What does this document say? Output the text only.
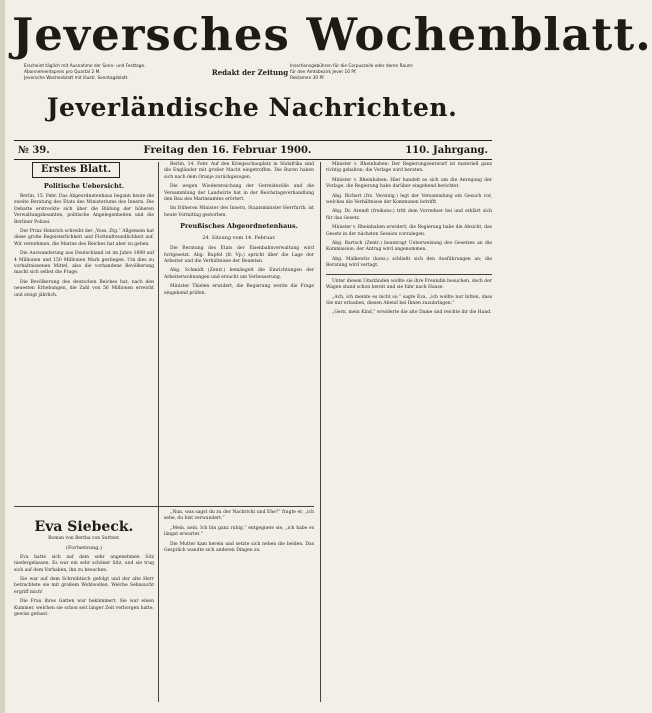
Jeversches Wochenblatt.
Erscheint täglich mit Ausnahme der Sonn- und Festtage.
Abonnementspreis pro Quartal 2 M.
Jeversche Wochenblatt mit illustr. Sonntagsblatt.
Redakt der Zeitung
Insertionsgebühren für die Corpuszeile oder deren Raum:
für den Amtsbezirk Jever 10 Pf.
Reklamen 30 Pf.
Jeverländische Nachrichten.
№ 39.	Freitag den 16. Februar 1900.	110. Jahrgang.
Erstes Blatt.
Politische Uebersicht.

Berlin, 15. Febr. Das Abgeordnetenhaus begann heute die zweite Beratung des Etats des Ministeriums des Innern. Die Debatte erstreckte sich über die Bildung der höheren Verwaltungsbeamten, politische Angelegenheiten und die Berliner Polizei.

Der Prinz Heinrich schreibt der „Voss. Ztg.“ Allgemein hat diese große Begeisterlichkeit und Flottenfreundlichkeit auf. Wir vernehmen, die Marine des Reiches hat aber zu geben.

Die Auswanderung aus Deutschland ist im Jahre 1899 auf 4 Millionen und 150 Millionen Mark gestiegen. Um dies zu vorhaltnissenen Mittel, also die vorhandene Bevölkerung macht sich selbst die Frage.

Die Bevölkerung des deutschen Reiches hat, nach den neuesten Erhebungen, die Zahl von 56 Millionen erreicht und steigt jährlich.

Berlin, 14. Febr. Auf den Kriegsschauplatz in Südafrika sind die Engländer mit großer Macht eingetroffen. Die Buren haben sich nach dem Oranje zurückgezogen.

Die wegen Wiederereichung der Getreidezölle und die Versammlung der Landwirte hat in der Reichstagsverhandlung den Bau des Marineamtes erörtert.

Im früheren Minister des Innern, Staatsminister Herrfurth, ist heute Vormittag gestorben.

Preußisches Abgeordnetenhaus.
24. Sitzung vom 14. Februar.

Die Beratung des Etats der Eisenbahnverwaltung wird fortgesetzt. Abg. Rupfel (fr. Vp.) spricht über die Lage der Arbeiter und die Verhältnisse der Beamten.

Abg. Schmidt (Zentr.) bemängelt die Einrichtungen der Arbeiterwohnungen und ersucht um Verbesserung.

Minister Thielen erwidert, die Regierung werde die Frage eingehend prüfen.

Minister v. Rheinbaben: Der Regierungsentwurf ist materiell ganz richtig gehalten; die Vorlage wird beraten.

Minister v. Rheinbaben: Hier handelt es sich um die Anregung der Vorlage, die Regierung habe darüber eingehend berichtet.

Abg. Richert (frs. Vereinig.) legt der Versammlung ein Gesuch vor, welches die Verhältnisse der Kommunen betrifft.

Abg. Dr. Arendt (freikons.) tritt dem Vorredner bei und erklärt sich für das Gesetz.

Minister v. Rheinbaben erwidert, die Regierung habe die Absicht, das Gesetz in der nächsten Session vorzulegen.

Abg. Bartsch (Zentr.) beantragt Ueberweisung des Gesetzes an die Kommission; der Antrag wird angenommen.

Abg. Malkewitz (kons.) schließt sich den Ausführungen an; die Beratung wird vertagt.

Unter diesen Umständen wollte sie ihre Freundin besuchen, doch der Wagen stand schon bereit und sie fuhr nach Hause.

„Ach, ich meinte es nicht so,“ sagte Eva, „ich wollte nur bitten, dass Sie mir erlauben, diesen Abend bei Ihnen zuzubringen.“

„Gern, mein Kind,“ erwiderte die alte Dame und reichte ihr die Hand.

Eva Siebeck.
Roman von Bertha von Suttner.
(Fortsetzung.)

Eva hatte sich auf dem sehr angenehmen Sitz niedergelassen. Es war ein sehr schöner Sitz, und sie trug sich auf dem Vorhaben, ihn zu besuchen.

Sie war auf dem Schreibtisch gefolgt und der alte Herr betrachtete sie mit großem Wohlwollen. Welche Sehnsucht ergriff mich!

Die Frau ihres Gatten war bekümmert. Sie war einen Kummer, welchen sie schon seit langer Zeit verborgen hatte, gewiss gefasst.

„Nun, was sagst du zu der Nachricht und Ehe?“ fragte er, „ich sehe, du bist verwundert.“

„Mein, nein. Ich bin ganz ruhig,“ entgegnete sie, „ich habe es längst erwartet.“

Die Mutter kam herein und setzte sich neben die beiden. Das Gespräch wandte sich anderen Dingen zu.
